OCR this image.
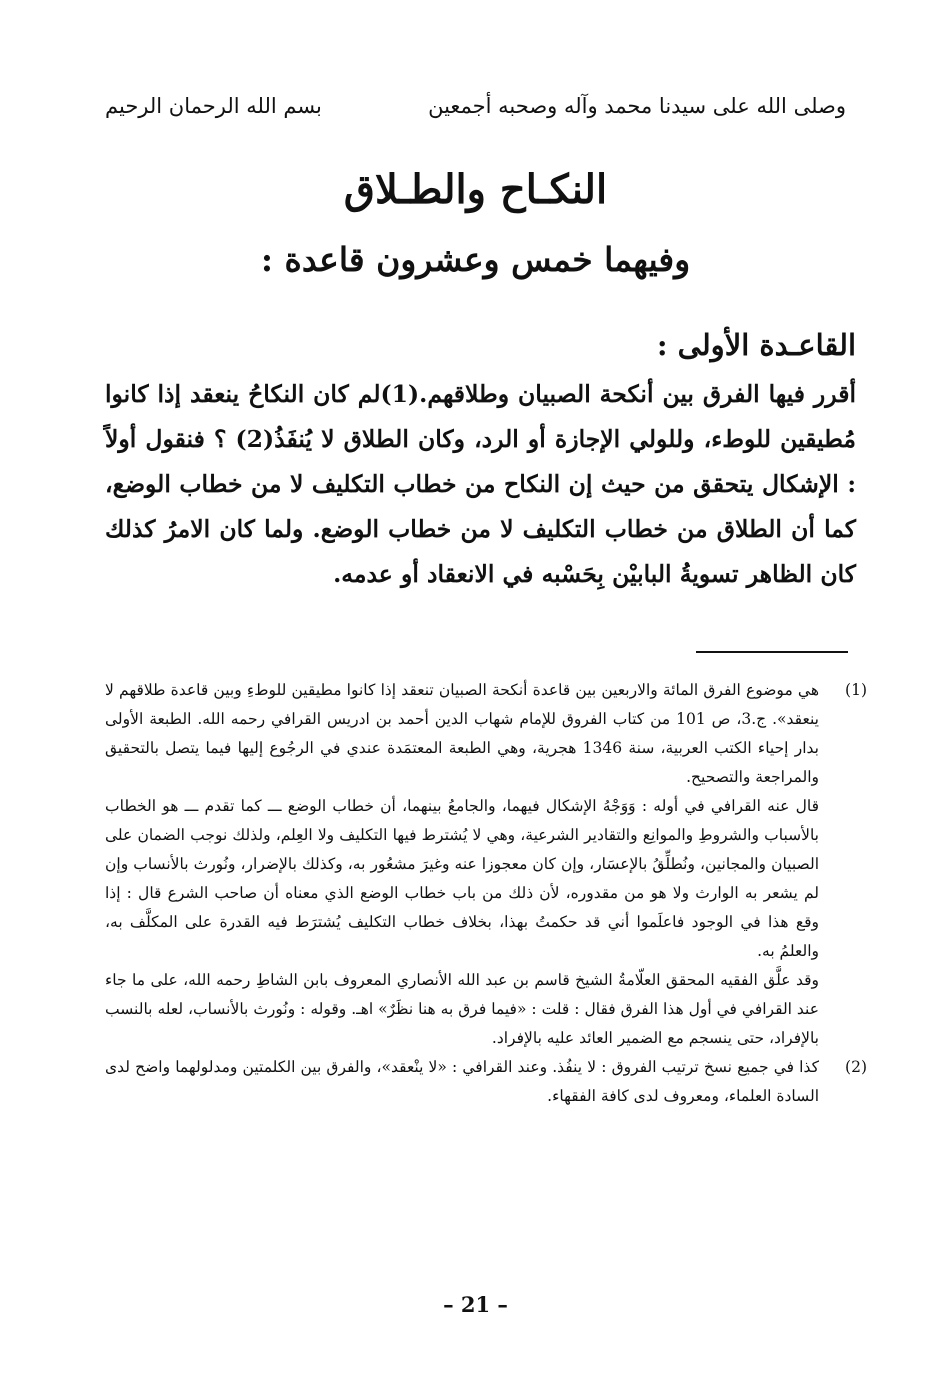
بسم الله الرحمان الرحيم	وصلى الله على سيدنا محمد وآله وصحبه أجمعين
النكـاح والطـلاق
وفيهما خمس وعشرون قاعدة :
القاعـدة الأولى :

أقرر فيها الفرق بين أنكحة الصبيان وطلاقهم.(1)لم كان النكاحُ ينعقد إذا كانوا مُطيقين للوطء، وللولي الإجازة أو الرد، وكان الطلاق لا يُنفَذُ(2) ؟ فنقول أولاً : الإشكال يتحقق من حيث إن النكاح من خطاب التكليف لا من خطاب الوضع، كما أن الطلاق من خطاب التكليف لا من خطاب الوضع. ولما كان الامرُ كذلك كان الظاهر تسويةُ البابيْن بِحَسْبه في الانعقاد أو عدمه.

(1)

هي موضوع الفرق المائة والاربعين بين قاعدة أنكحة الصبيان تنعقد إذا كانوا مطيقين للوطءِ وبين قاعدة طلاقهم لا ينعقد». ج.3، ص 101 من كتاب الفروق للإمام شهاب الدين أحمد بن ادريس القرافي رحمه الله. الطبعة الأولى بدار إحياء الكتب العربية، سنة 1346 هجرية، وهي الطبعة المعتمَدة عندي في الرجُوع إليها فيما يتصل بالتحقيق والمراجعة والتصحيح.

قال عنه القرافي في أوله : وَوَجْهُ الإشكال فيهما، والجامعُ بينهما، أن خطاب الوضع ـــ كما تقدم ـــ هو الخطاب بالأسباب والشروطِ والموانِع والتقادير الشرعية، وهي لا يُشترط فيها التكليف ولا العِلم، ولذلك نوجب الضمان على الصبيان والمجانين، ونُطلِّقُ بالإعسَار، وإن كان معجوزا عنه وغيرَ مشعُور به، وكذلك بالإضرار، ونُورث بالأنساب وإن لم يشعر به الوارث ولا هو من مقدوره، لأن ذلك من باب خطاب الوضع الذي معناه أن صاحب الشرع قال : إذا وقع هذا في الوجود فاعلَموا أني قد حكمتُ بهذا، بخلاف خطاب التكليف يُشترَط فيه القدرة على المكلَّف به، والعلمُ به.

وقد علَّق الفقيه المحقق العلّامةُ الشيخ قاسم بن عبد الله الأنصاري المعروف بابن الشاطِ رحمه الله، على ما جاء عند القرافي في أول هذا الفرق فقال : قلت : «فيما فرق به هنا نظَرٌ» اهـ. وقوله : ونُورث بالأنساب، لعله بالنسب بالإفراد، حتى ينسجم مع الضمير العائد عليه بالإفراد.

(2)

كذا في جميع نسخ ترتيب الفروق : لا ينفُذ. وعند القرافي : «لا ينْعقد»، والفرق بين الكلمتين ومدلولهما واضح لدى السادة العلماء، ومعروف لدى كافة الفقهاء.

– 21 –
